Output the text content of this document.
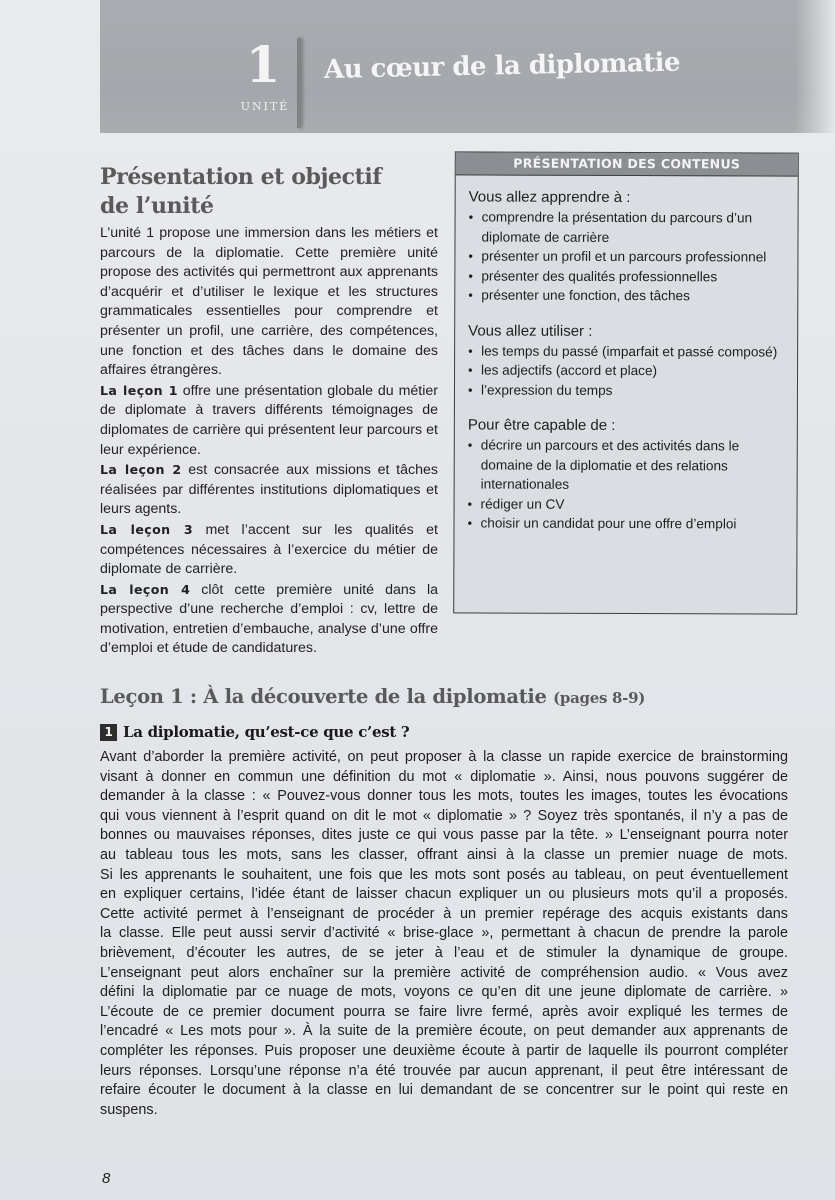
1
UNITÉ
Au cœur de la diplomatie
Présentation et objectif
de l’unité

L’unité 1 propose une immersion dans les métiers et parcours de la diplomatie. Cette première unité propose des activités qui permettront aux apprenants d’acquérir et d’utiliser le lexique et les structures grammaticales essentielles pour comprendre et présenter un profil, une carrière, des compétences, une fonction et des tâches dans le domaine des affaires étrangères.

La leçon 1 offre une présentation globale du métier de diplomate à travers différents témoignages de diplomates de carrière qui présentent leur parcours et leur expérience.

La leçon 2 est consacrée aux missions et tâches réalisées par différentes institutions diplomatiques et leurs agents.

La leçon 3 met l’accent sur les qualités et compétences nécessaires à l’exercice du métier de diplomate de carrière.

La leçon 4 clôt cette première unité dans la perspective d’une recherche d’emploi : cv, lettre de motivation, entretien d’embauche, analyse d’une offre d’emploi et étude de candidatures.

PRÉSENTATION DES CONTENUS
Vous allez apprendre à :
• comprendre la présentation du parcours d’un diplomate de carrière
• présenter un profil et un parcours professionnel
• présenter des qualités professionnelles
• présenter une fonction, des tâches
Vous allez utiliser :
• les temps du passé (imparfait et passé composé)
• les adjectifs (accord et place)
• l’expression du temps
Pour être capable de :
• décrire un parcours et des activités dans le domaine de la diplomatie et des relations internationales
• rédiger un CV
• choisir un candidat pour une offre d’emploi
Leçon 1 : À la découverte de la diplomatie (pages 8-9)
1 La diplomatie, qu’est-ce que c’est ?
Avant d’aborder la première activité, on peut proposer à la classe un rapide exercice de brainstorming
visant à donner en commun une définition du mot « diplomatie ». Ainsi, nous pouvons suggérer de
demander à la classe : « Pouvez-vous donner tous les mots, toutes les images, toutes les évocations
qui vous viennent à l’esprit quand on dit le mot « diplomatie » ? Soyez très spontanés, il n’y a pas de
bonnes ou mauvaises réponses, dites juste ce qui vous passe par la tête. » L’enseignant pourra noter
au tableau tous les mots, sans les classer, offrant ainsi à la classe un premier nuage de mots.
Si les apprenants le souhaitent, une fois que les mots sont posés au tableau, on peut éventuellement
en expliquer certains, l’idée étant de laisser chacun expliquer un ou plusieurs mots qu’il a proposés.
Cette activité permet à l’enseignant de procéder à un premier repérage des acquis existants dans
la classe. Elle peut aussi servir d’activité « brise-glace », permettant à chacun de prendre la parole
brièvement, d’écouter les autres, de se jeter à l’eau et de stimuler la dynamique de groupe.
L’enseignant peut alors enchaîner sur la première activité de compréhension audio. « Vous avez
défini la diplomatie par ce nuage de mots, voyons ce qu’en dit une jeune diplomate de carrière. »
L’écoute de ce premier document pourra se faire livre fermé, après avoir expliqué les termes de
l’encadré « Les mots pour ». À la suite de la première écoute, on peut demander aux apprenants de
compléter les réponses. Puis proposer une deuxième écoute à partir de laquelle ils pourront compléter
leurs réponses. Lorsqu’une réponse n’a été trouvée par aucun apprenant, il peut être intéressant de
refaire écouter le document à la classe en lui demandant de se concentrer sur le point qui reste en
suspens.
8
